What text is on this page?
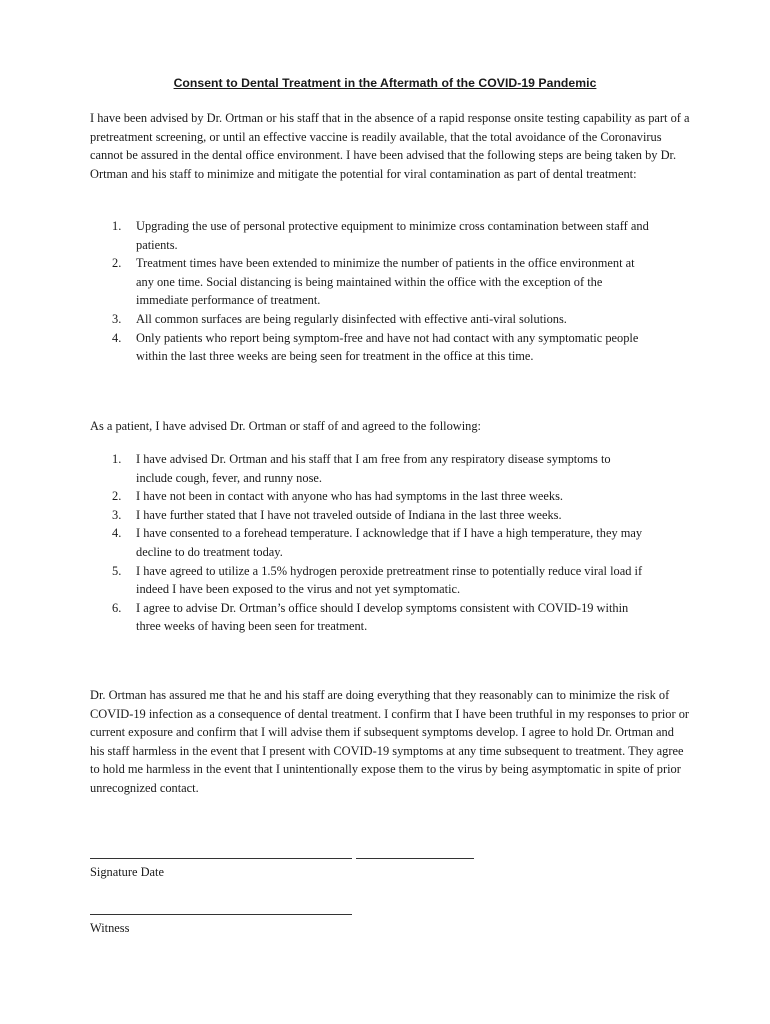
Consent to Dental Treatment in the Aftermath of the COVID-19 Pandemic

I have been advised by Dr. Ortman or his staff that in the absence of a rapid response onsite testing capability as part of a pretreatment screening, or until an effective vaccine is readily available, that the total avoidance of the Coronavirus cannot be assured in the dental office environment. I have been advised that the following steps are being taken by Dr. Ortman and his staff to minimize and mitigate the potential for viral contamination as part of dental treatment:

1. Upgrading the use of personal protective equipment to minimize cross contamination between staff and patients.
2. Treatment times have been extended to minimize the number of patients in the office environment at any one time. Social distancing is being maintained within the office with the exception of the immediate performance of treatment.
3. All common surfaces are being regularly disinfected with effective anti-viral solutions.
4. Only patients who report being symptom-free and have not had contact with any symptomatic people within the last three weeks are being seen for treatment in the office at this time.

As a patient, I have advised Dr. Ortman or staff of and agreed to the following:

1. I have advised Dr. Ortman and his staff that I am free from any respiratory disease symptoms to include cough, fever, and runny nose.
2. I have not been in contact with anyone who has had symptoms in the last three weeks.
3. I have further stated that I have not traveled outside of Indiana in the last three weeks.
4. I have consented to a forehead temperature. I acknowledge that if I have a high temperature, they may decline to do treatment today.
5. I have agreed to utilize a 1.5% hydrogen peroxide pretreatment rinse to potentially reduce viral load if indeed I have been exposed to the virus and not yet symptomatic.
6. I agree to advise Dr. Ortman’s office should I develop symptoms consistent with COVID-19 within three weeks of having been seen for treatment.

Dr. Ortman has assured me that he and his staff are doing everything that they reasonably can to minimize the risk of COVID-19 infection as a consequence of dental treatment. I confirm that I have been truthful in my responses to prior or current exposure and confirm that I will advise them if subsequent symptoms develop. I agree to hold Dr. Ortman and his staff harmless in the event that I present with COVID-19 symptoms at any time subsequent to treatment. They agree to hold me harmless in the event that I unintentionally expose them to the virus by being asymptomatic in spite of prior unrecognized contact.

Signature Date
Witness
